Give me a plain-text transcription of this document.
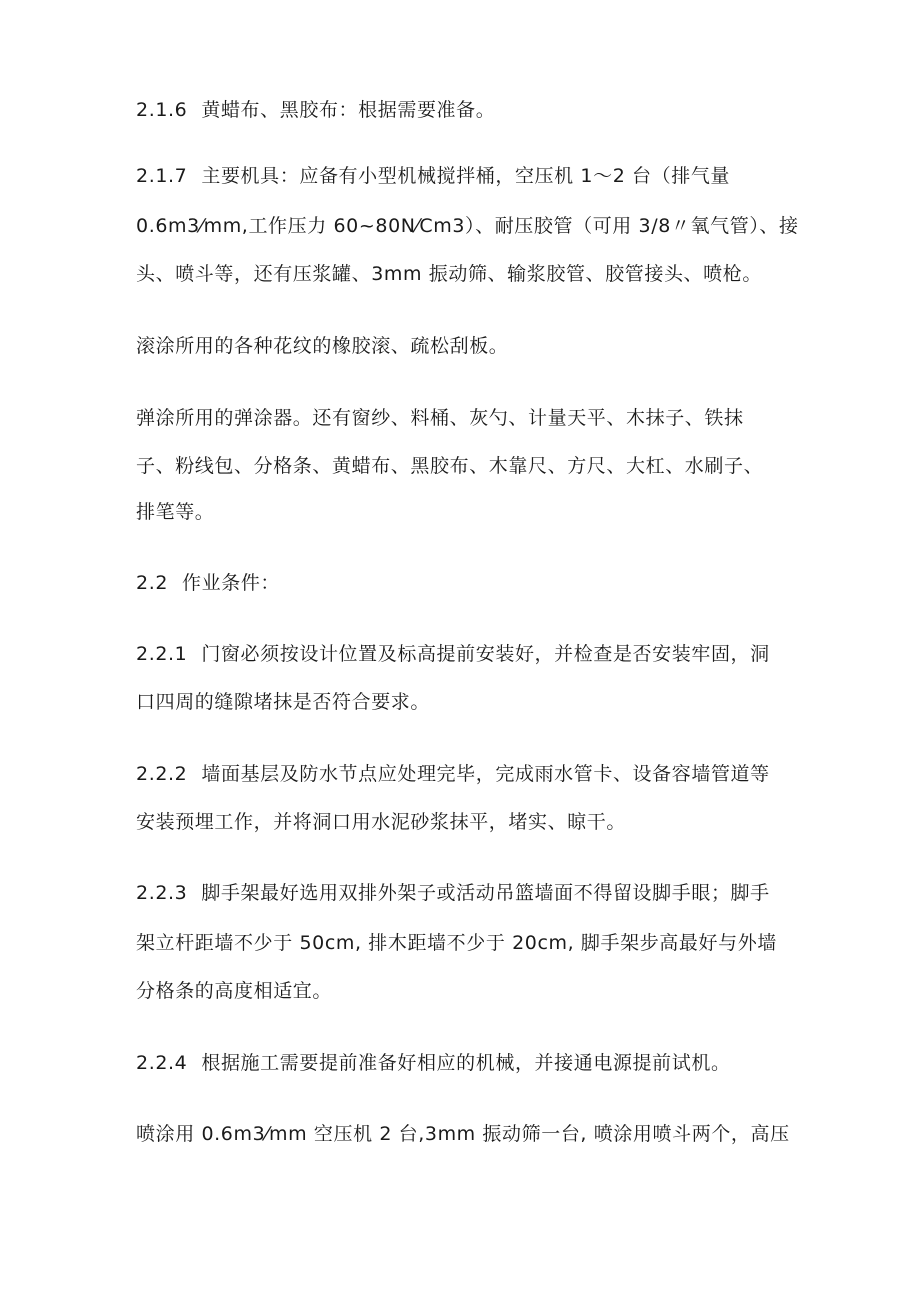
2.1.6 黄蜡布、黑胶布：根据需要准备。
2.1.7 主要机具：应备有小型机械搅拌桶，空压机 1～2 台（排气量
0.6m3⁄mm,工作压力 60~80N⁄Cm3）、耐压胶管（可用 3/8〃氧气管）、接
头、喷斗等，还有压浆罐、3mm 振动筛、输浆胶管、胶管接头、喷枪。
滚涂所用的各种花纹的橡胶滚、疏松刮板。
弹涂所用的弹涂器。还有窗纱、料桶、灰勺、计量天平、木抹子、铁抹
子、粉线包、分格条、黄蜡布、黑胶布、木靠尺、方尺、大杠、水刷子、
排笔等。
2.2 作业条件：
2.2.1 门窗必须按设计位置及标高提前安装好，并检查是否安装牢固，洞
口四周的缝隙堵抹是否符合要求。
2.2.2 墙面基层及防水节点应处理完毕，完成雨水管卡、设备容墙管道等
安装预埋工作，并将洞口用水泥砂浆抹平，堵实、晾干。
2.2.3 脚手架最好选用双排外架子或活动吊篮墙面不得留设脚手眼；脚手
架立杆距墙不少于 50cm, 排木距墙不少于 20cm, 脚手架步高最好与外墙
分格条的高度相适宜。
2.2.4 根据施工需要提前准备好相应的机械，并接通电源提前试机。
喷涂用 0.6m3⁄mm 空压机 2 台,3mm 振动筛一台, 喷涂用喷斗两个，高压
